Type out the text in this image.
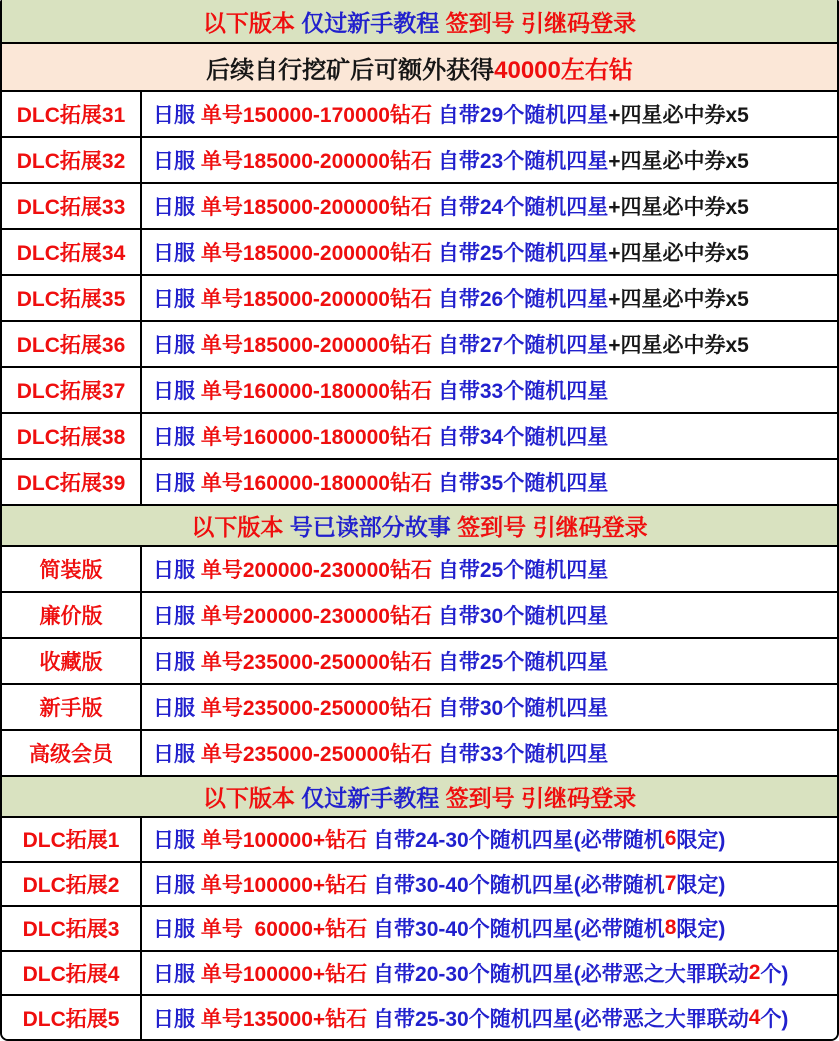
以下版本 仅过新手教程 签到号 引继码登录
后续自行挖矿后可额外获得 40000左右钻
DLC拓展31	日服 单号150000-170000钻石 自带29个随机四星 +四星必中券x5
DLC拓展32	日服 单号185000-200000钻石 自带23个随机四星 +四星必中券x5
DLC拓展33	日服 单号185000-200000钻石 自带24个随机四星 +四星必中券x5
DLC拓展34	日服 单号185000-200000钻石 自带25个随机四星 +四星必中券x5
DLC拓展35	日服 单号185000-200000钻石 自带26个随机四星 +四星必中券x5
DLC拓展36	日服 单号185000-200000钻石 自带27个随机四星 +四星必中券x5
DLC拓展37	日服 单号160000-180000钻石 自带33个随机四星
DLC拓展38	日服 单号160000-180000钻石 自带34个随机四星
DLC拓展39	日服 单号160000-180000钻石 自带35个随机四星
以下版本 号已读部分故事 签到号 引继码登录
简装版	日服 单号200000-230000钻石 自带25个随机四星
廉价版	日服 单号200000-230000钻石 自带30个随机四星
收藏版	日服 单号235000-250000钻石 自带25个随机四星
新手版	日服 单号235000-250000钻石 自带30个随机四星
高级会员	日服 单号235000-250000钻石 自带33个随机四星
以下版本 仅过新手教程 签到号 引继码登录
DLC拓展1	日服 单号100000+钻石 自带24-30个随机四星(必带随机 6 限定)
DLC拓展2	日服 单号100000+钻石 自带30-40个随机四星(必带随机 7 限定)
DLC拓展3	日服 单号  60000+钻石 自带30-40个随机四星(必带随机 8 限定)
DLC拓展4	日服 单号100000+钻石 自带20-30个随机四星(必带恶之大罪联动 2 个)
DLC拓展5	日服 单号135000+钻石 自带25-30个随机四星(必带恶之大罪联动 4 个)
